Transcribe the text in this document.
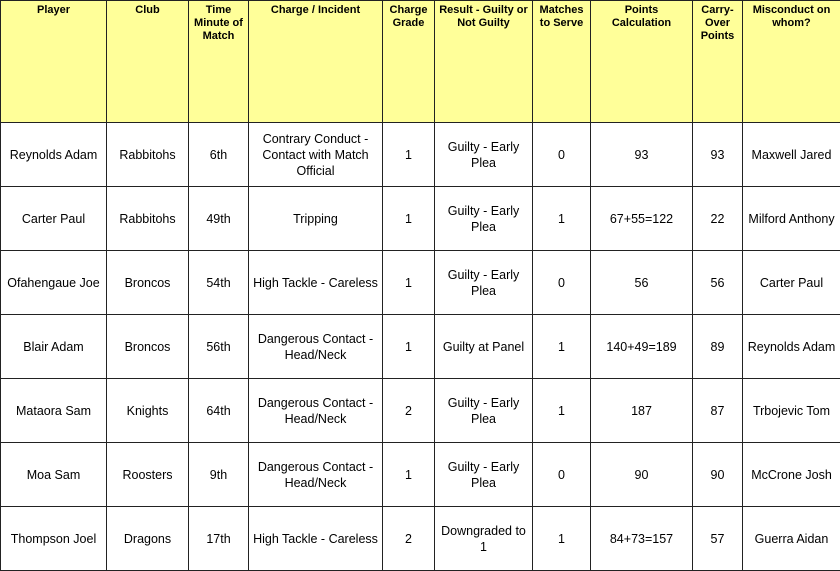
Player	Club	Time Minute of Match	Charge / Incident	Charge Grade	Result - Guilty or Not Guilty	Matches to Serve	Points Calculation	Carry-Over Points	Misconduct on whom?
Reynolds Adam	Rabbitohs	6th	Contrary Conduct - Contact with Match Official	1	Guilty - Early Plea	0	93	93	Maxwell Jared
Carter Paul	Rabbitohs	49th	Tripping	1	Guilty - Early Plea	1	67+55=122	22	Milford Anthony
Ofahengaue Joe	Broncos	54th	High Tackle - Careless	1	Guilty - Early Plea	0	56	56	Carter Paul
Blair Adam	Broncos	56th	Dangerous Contact - Head/Neck	1	Guilty at Panel	1	140+49=189	89	Reynolds Adam
Mataora Sam	Knights	64th	Dangerous Contact - Head/Neck	2	Guilty - Early Plea	1	187	87	Trbojevic Tom
Moa Sam	Roosters	9th	Dangerous Contact - Head/Neck	1	Guilty - Early Plea	0	90	90	McCrone Josh
Thompson Joel	Dragons	17th	High Tackle - Careless	2	Downgraded to 1	1	84+73=157	57	Guerra Aidan
